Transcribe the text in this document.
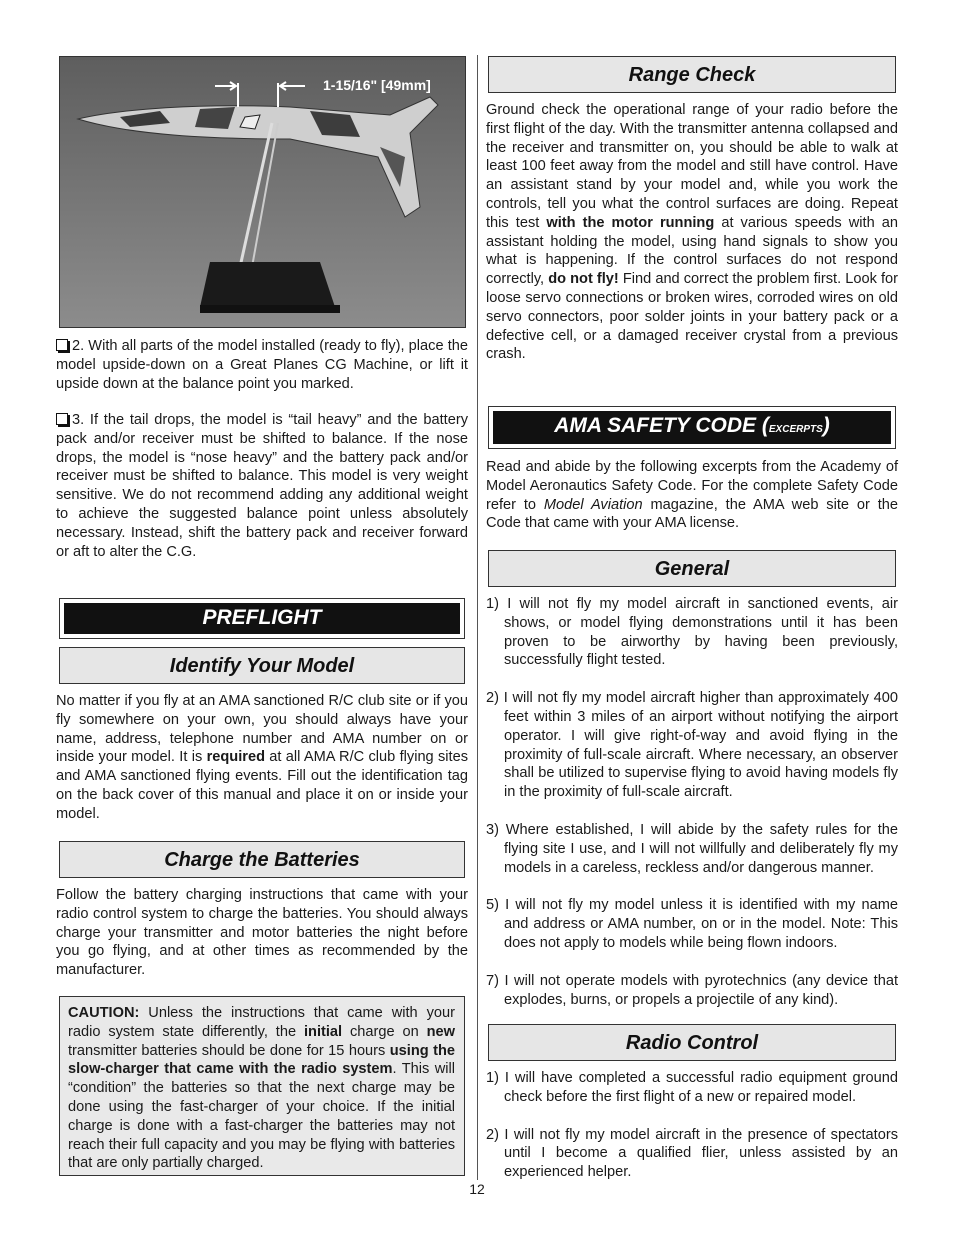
1-15/16" [49mm]

2. With all parts of the model installed (ready to fly), place the model upside-down on a Great Planes CG Machine, or lift it upside down at the balance point you marked.

3. If the tail drops, the model is “tail heavy” and the battery pack and/or receiver must be shifted to balance. If the nose drops, the model is “nose heavy” and the battery pack and/or receiver must be shifted to balance. This model is very weight sensitive. We do not recommend adding any additional weight to achieve the suggested balance point unless absolutely necessary. Instead, shift the battery pack and receiver forward or aft to alter the C.G.

PREFLIGHT
Identify Your Model

No matter if you fly at an AMA sanctioned R/C club site or if you fly somewhere on your own, you should always have your name, address, telephone number and AMA number on or inside your model. It is required at all AMA R/C club flying sites and AMA sanctioned flying events. Fill out the identification tag on the back cover of this manual and place it on or inside your model.

Charge the Batteries

Follow the battery charging instructions that came with your radio control system to charge the batteries. You should always charge your transmitter and motor batteries the night before you go flying, and at other times as recommended by the manufacturer.

CAUTION: Unless the instructions that came with your radio system state differently, the initial charge on new transmitter batteries should be done for 15 hours using the slow-charger that came with the radio system. This will “condition” the batteries so that the next charge may be done using the fast-charger of your choice. If the initial charge is done with a fast-charger the batteries may not reach their full capacity and you may be flying with batteries that are only partially charged.

Range Check

Ground check the operational range of your radio before the first flight of the day. With the transmitter antenna collapsed and the receiver and transmitter on, you should be able to walk at least 100 feet away from the model and still have control. Have an assistant stand by your model and, while you work the controls, tell you what the control surfaces are doing. Repeat this test with the motor running at various speeds with an assistant holding the model, using hand signals to show you what is happening. If the control surfaces do not respond correctly, do not fly! Find and correct the problem first. Look for loose servo connections or broken wires, corroded wires on old servo connectors, poor solder joints in your battery pack or a defective cell, or a damaged receiver crystal from a previous crash.

AMA SAFETY CODE (excerpts)

Read and abide by the following excerpts from the Academy of Model Aeronautics Safety Code. For the complete Safety Code refer to Model Aviation magazine, the AMA web site or the Code that came with your AMA license.

General
1) I will not fly my model aircraft in sanctioned events, air shows, or model flying demonstrations until it has been proven to be airworthy by having been previously, successfully flight tested.
2) I will not fly my model aircraft higher than approximately 400 feet within 3 miles of an airport without notifying the airport operator. I will give right-of-way and avoid flying in the proximity of full-scale aircraft. Where necessary, an observer shall be utilized to supervise flying to avoid having models fly in the proximity of full-scale aircraft.
3) Where established, I will abide by the safety rules for the flying site I use, and I will not willfully and deliberately fly my models in a careless, reckless and/or dangerous manner.
5) I will not fly my model unless it is identified with my name and address or AMA number, on or in the model. Note: This does not apply to models while being flown indoors.
7) I will not operate models with pyrotechnics (any device that explodes, burns, or propels a projectile of any kind).
Radio Control
1) I will have completed a successful radio equipment ground check before the first flight of a new or repaired model.
2) I will not fly my model aircraft in the presence of spectators until I become a qualified flier, unless assisted by an experienced helper.
12
